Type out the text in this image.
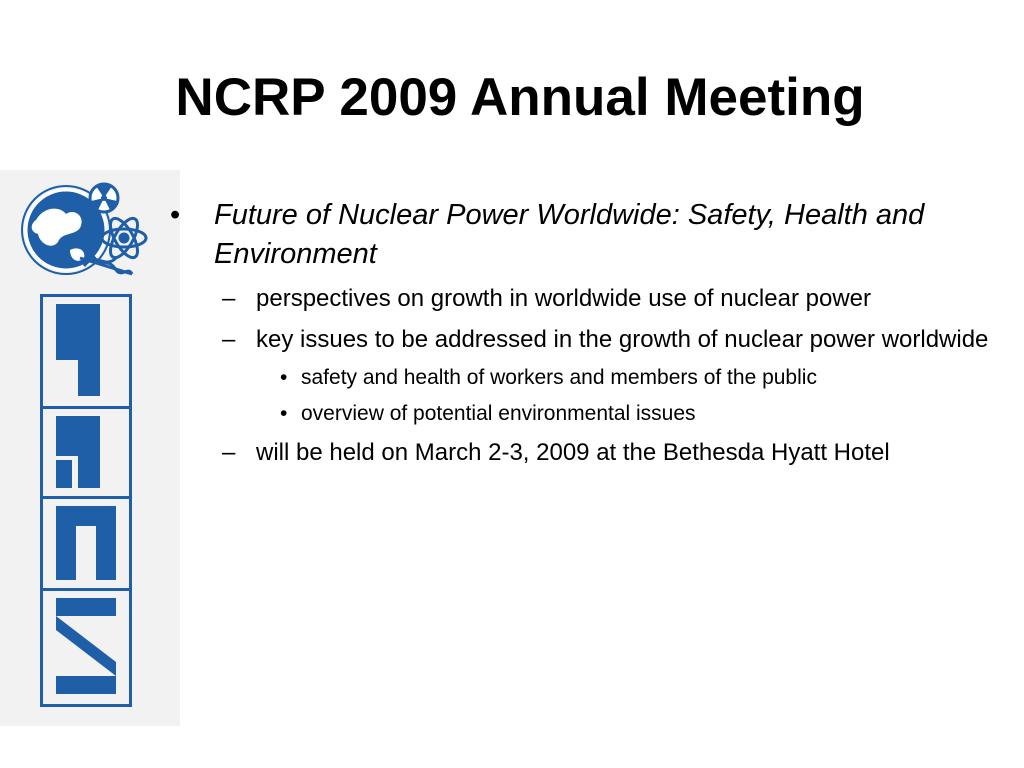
NCRP 2009 Annual Meeting
• Future of Nuclear Power Worldwide: Safety, Health and Environment
– perspectives on growth in worldwide use of nuclear power
– key issues to be addressed in the growth of nuclear power worldwide
• safety and health of workers and members of the public
• overview of potential environmental issues
– will be held on March 2-3, 2009 at the Bethesda Hyatt Hotel
